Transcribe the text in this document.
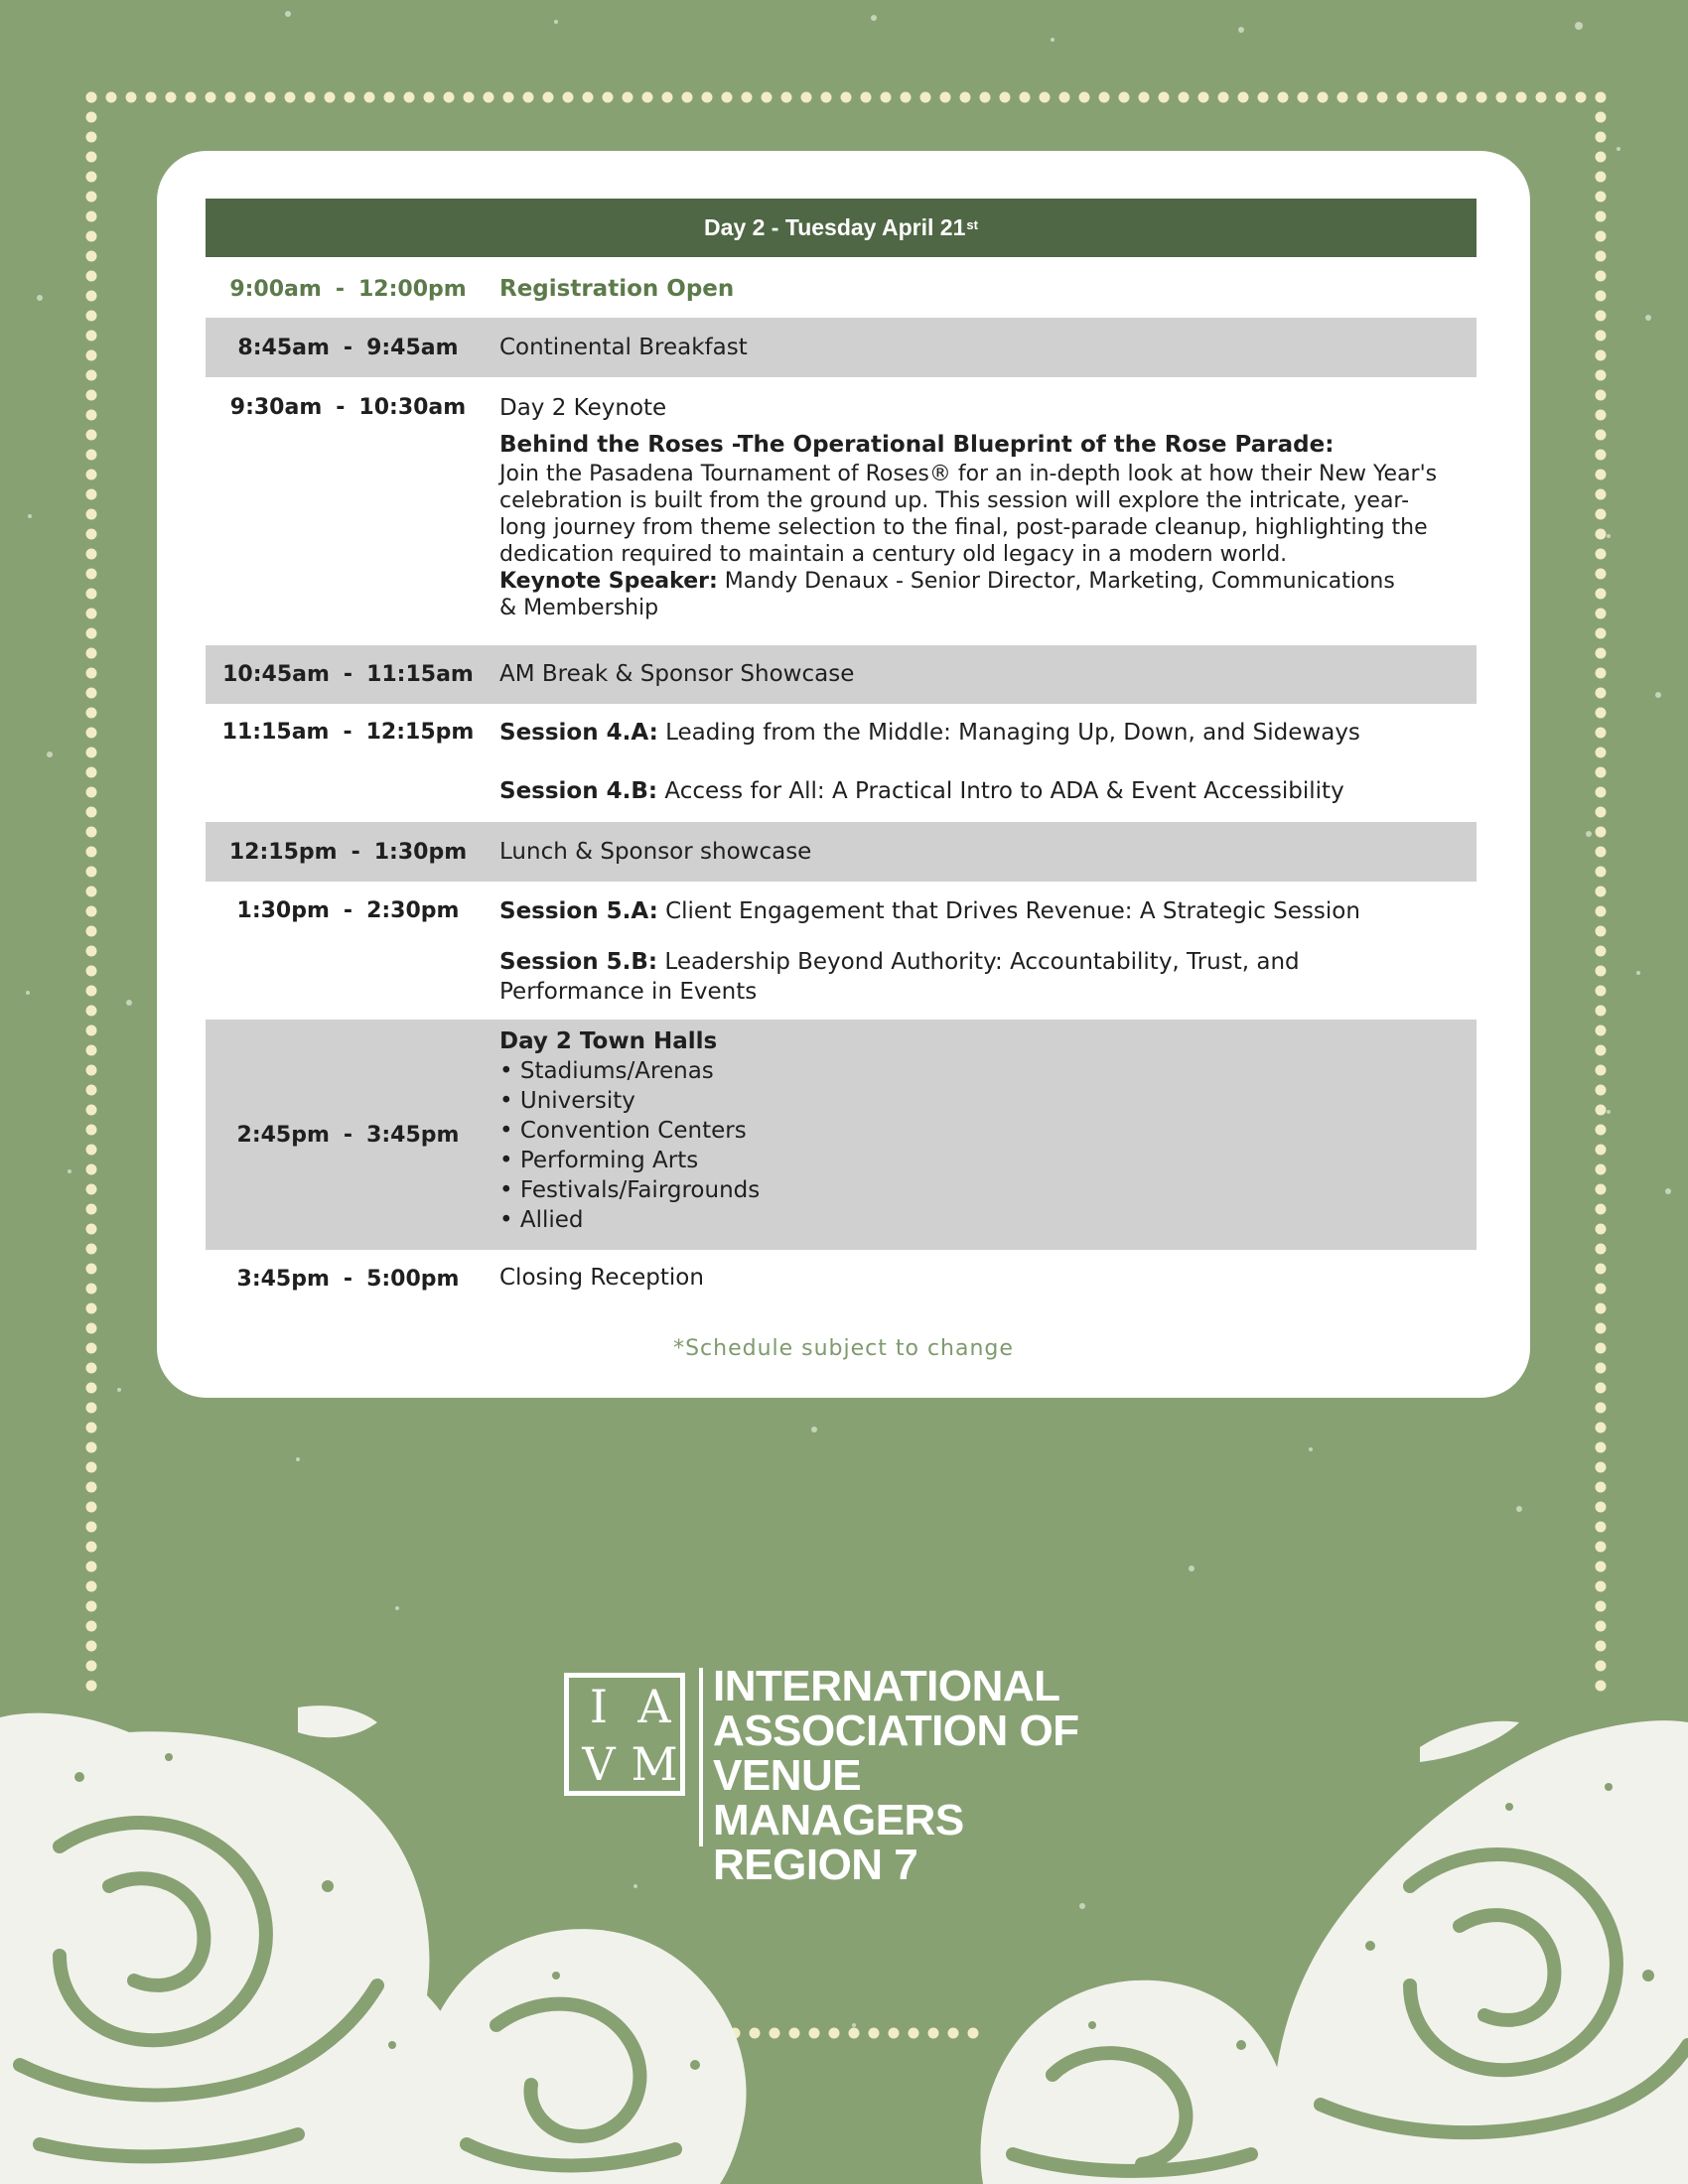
Day 2 - Tuesday April 21st
9:00am - 12:00pm Registration Open
8:45am - 9:45am Continental Breakfast
9:30am - 10:30am Day 2 Keynote
Behind the Roses -The Operational Blueprint of the Rose Parade:
Join the Pasadena Tournament of Roses® for an in-depth look at how their New Year's
celebration is built from the ground up. This session will explore the intricate, year-
long journey from theme selection to the final, post-parade cleanup, highlighting the
dedication required to maintain a century old legacy in a modern world.
Keynote Speaker: Mandy Denaux - Senior Director, Marketing, Communications
& Membership
10:45am - 11:15am AM Break & Sponsor Showcase
11:15am - 12:15pm Session 4.A: Leading from the Middle: Managing Up, Down, and Sideways
Session 4.B: Access for All: A Practical Intro to ADA & Event Accessibility
12:15pm - 1:30pm Lunch & Sponsor showcase
1:30pm - 2:30pm Session 5.A: Client Engagement that Drives Revenue: A Strategic Session
Session 5.B: Leadership Beyond Authority: Accountability, Trust, and
Performance in Events
2:45pm - 3:45pm
Day 2 Town Halls
• Stadiums/Arenas
• University
• Convention Centers
• Performing Arts
• Festivals/Fairgrounds
• Allied
3:45pm - 5:00pm Closing Reception
*Schedule subject to change
I A
V M
INTERNATIONAL
ASSOCIATION OF
VENUE MANAGERS
REGION 7
